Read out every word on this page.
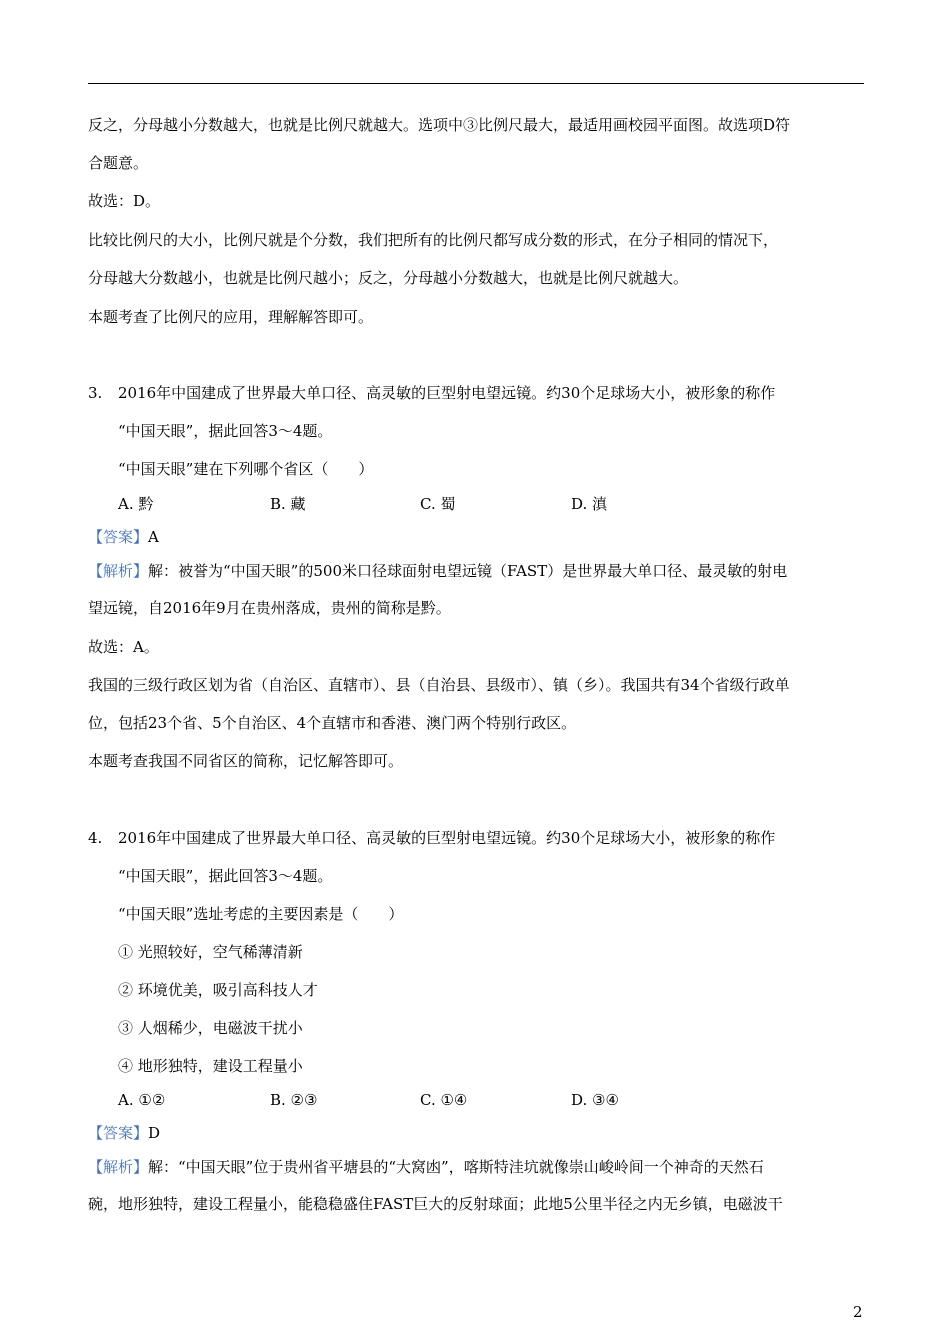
反之，分母越小分数越大，也就是比例尺就越大。选项中③比例尺最大，最适用画校园平面图。故选项D符
合题意。
故选：D。
比较比例尺的大小，比例尺就是个分数，我们把所有的比例尺都写成分数的形式，在分子相同的情况下，
分母越大分数越小，也就是比例尺越小；反之，分母越小分数越大，也就是比例尺就越大。
本题考查了比例尺的应用，理解解答即可。
3. 2016年中国建成了世界最大单口径、高灵敏的巨型射电望远镜。约30个足球场大小，被形象的称作
“中国天眼”，据此回答3～4题。
“中国天眼”建在下列哪个省区（　　）
A. 黔	B. 藏	C. 蜀	D. 滇
【答案】A
【解析】解：被誉为“中国天眼”的500米口径球面射电望远镜（FAST）是世界最大单口径、最灵敏的射电
望远镜，自2016年9月在贵州落成，贵州的简称是黔。
故选：A。
我国的三级行政区划为省（自治区、直辖市）、县（自治县、县级市）、镇（乡）。我国共有34个省级行政单
位，包括23个省、5个自治区、4个直辖市和香港、澳门两个特别行政区。
本题考查我国不同省区的简称，记忆解答即可。
4. 2016年中国建成了世界最大单口径、高灵敏的巨型射电望远镜。约30个足球场大小，被形象的称作
“中国天眼”，据此回答3～4题。
“中国天眼”选址考虑的主要因素是（　　）
① 光照较好，空气稀薄清新
② 环境优美，吸引高科技人才
③ 人烟稀少，电磁波干扰小
④ 地形独特，建设工程量小
A. ①②	B. ②③	C. ①④	D. ③④
【答案】D
【解析】解：“中国天眼”位于贵州省平塘县的“大窝凼”，喀斯特洼坑就像崇山峻岭间一个神奇的天然石
碗，地形独特，建设工程量小，能稳稳盛住FAST巨大的反射球面；此地5公里半径之内无乡镇，电磁波干
2
